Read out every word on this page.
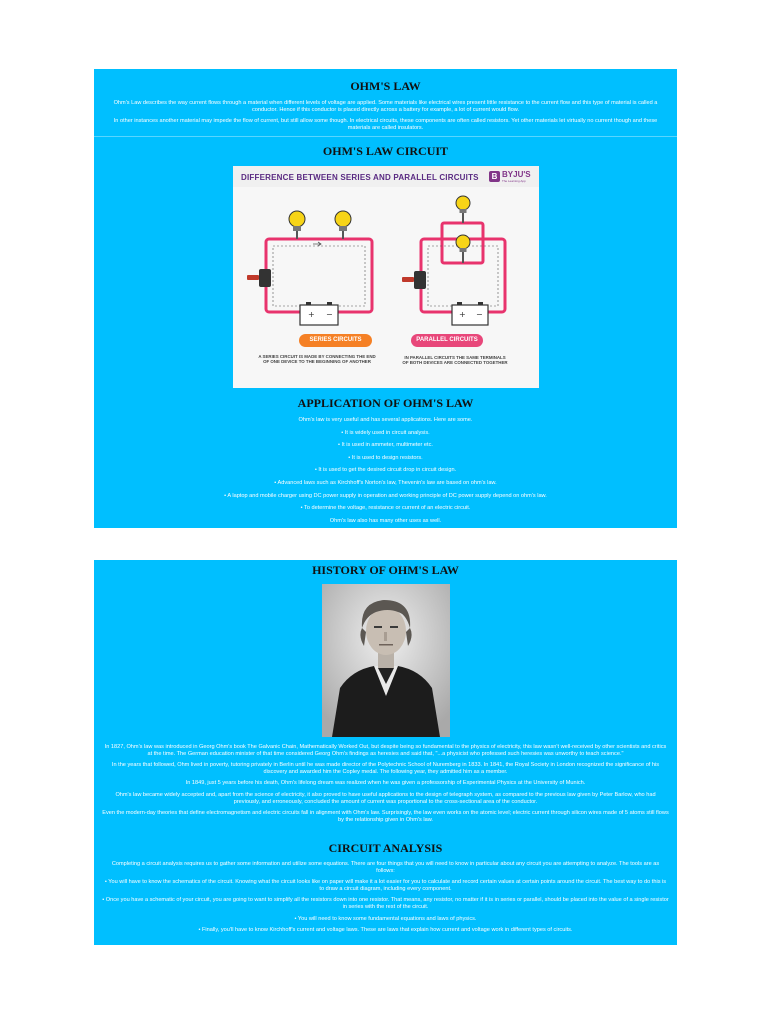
OHM'S LAW

Ohm's Law describes the way current flows through a material when different levels of voltage are applied. Some materials like electrical wires present little resistance to the current flow and this type of material is called a conductor. Hence if this conductor is placed directly across a battery for example, a lot of current would flow.

In other instances another material may impede the flow of current, but still allow some though. In electrical circuits, these components are often called resistors. Yet other materials let virtually no current though and these materials are called insulators.

OHM'S LAW CIRCUIT
DIFFERENCE BETWEEN SERIES AND PARALLEL CIRCUITS	B BYJU'S
The Learning App
+ −	+ −
SERIES CIRCUITS
A SERIES CIRCUIT IS MADE BY CONNECTING THE END OF ONE DEVICE TO THE BEGINNING OF ANOTHER
PARALLEL CIRCUITS
IN PARALLEL CIRCUITS THE SAME TERMINALS OF BOTH DEVICES ARE CONNECTED TOGETHER
APPLICATION OF OHM'S LAW

Ohm's law is very useful and has several applications. Here are some.

• It is widely used in circuit analysis.

• It is used in ammeter, multimeter etc.

• It is used to design resistors.

• It is used to get the desired circuit drop in circuit design.

• Advanced laws such as Kirchhoff's Norton's law, Thevenin's law are based on ohm's law.

• A laptop and mobile charger using DC power supply in operation and working principle of DC power supply depend on ohm's law.

• To determine the voltage, resistance or current of an electric circuit.

Ohm's law also has many other uses as well.

HISTORY OF OHM'S LAW

In 1827, Ohm's law was introduced in Georg Ohm's book The Galvanic Chain, Mathematically Worked Out, but despite being so fundamental to the physics of electricity, this law wasn't well-received by other scientists and critics at the time. The German education minister of that time considered Georg Ohm's findings as heresies and said that, "...a physicist who professed such heresies was unworthy to teach science."

In the years that followed, Ohm lived in poverty, tutoring privately in Berlin until he was made director of the Polytechnic School of Nuremberg in 1833. In 1841, the Royal Society in London recognized the significance of his discovery and awarded him the Copley medal. The following year, they admitted him as a member.

In 1849, just 5 years before his death, Ohm's lifelong dream was realized when he was given a professorship of Experimental Physics at the University of Munich.

Ohm's law became widely accepted and, apart from the science of electricity, it also proved to have useful applications to the design of telegraph system, as compared to the previous law given by Peter Barlow, who had previously, and erroneously, concluded the amount of current was proportional to the cross-sectional area of the conductor.

Even the modern-day theories that define electromagnetism and electric circuits fall in alignment with Ohm's law. Surprisingly, the law even works on the atomic level; electric current through silicon wires made of 5 atoms still flows by the relationship given in Ohm's law.

CIRCUIT ANALYSIS

Completing a circuit analysis requires us to gather some information and utilize some equations. There are four things that you will need to know in particular about any circuit you are attempting to analyze. The tools are as follows:

• You will have to know the schematics of the circuit. Knowing what the circuit looks like on paper will make it a lot easier for you to calculate and record certain values at certain points around the circuit. The best way to do this is to draw a circuit diagram, including every component.

• Once you have a schematic of your circuit, you are going to want to simplify all the resistors down into one resistor. That means, any resistor, no matter if it is in series or parallel, should be placed into the value of a single resistor in series with the rest of the circuit.

• You will need to know some fundamental equations and laws of physics.

• Finally, you'll have to know Kirchhoff's current and voltage laws. These are laws that explain how current and voltage work in different types of circuits.
